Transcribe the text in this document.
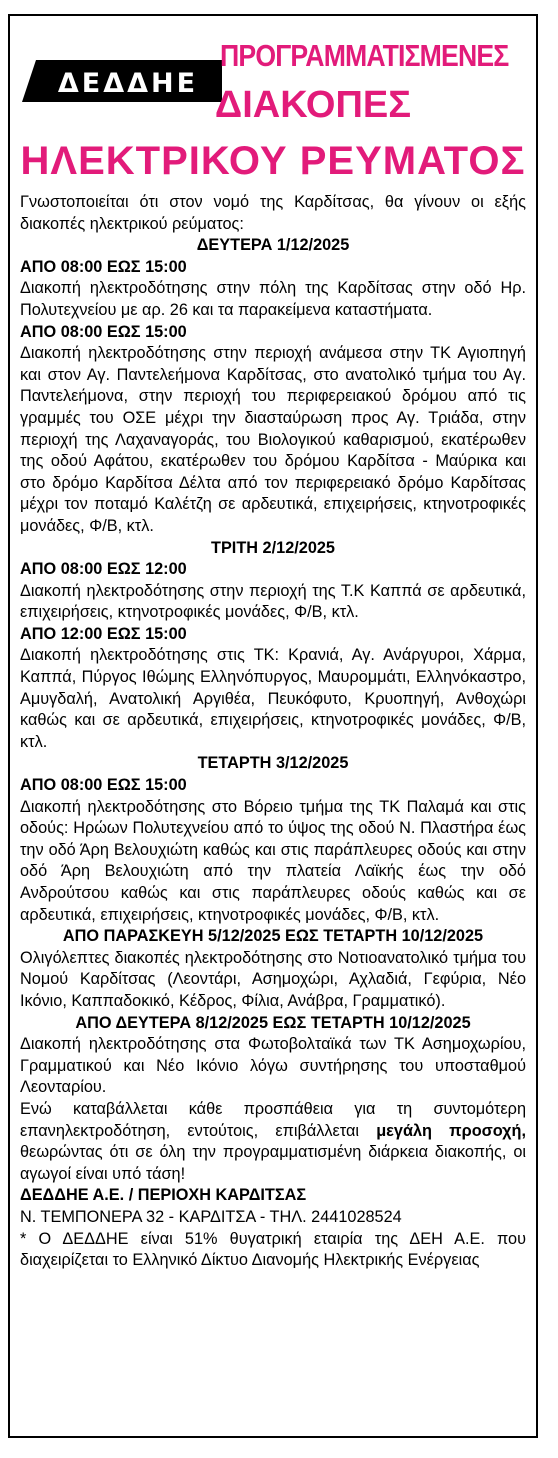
ΔΕΔΔΗΕ
ΠΡΟΓΡΑΜΜΑΤΙΣΜΕΝΕΣ
ΔΙΑΚΟΠΕΣ
ΗΛΕΚΤΡΙΚΟΥ ΡΕΥΜΑΤΟΣ

Γνωστοποιείται ότι στον νομό της Καρδίτσας, θα γίνουν οι εξής διακοπές ηλεκτρικού ρεύματος:

ΔΕΥΤΕΡΑ 1/12/2025

ΑΠΟ 08:00 ΕΩΣ 15:00

Διακοπή ηλεκτροδότησης στην πόλη της Καρδίτσας στην οδό Ηρ. Πολυτεχνείου με αρ. 26 και τα παρακείμενα καταστήματα.

ΑΠΟ 08:00 ΕΩΣ 15:00

Διακοπή ηλεκτροδότησης στην περιοχή ανάμεσα στην ΤΚ Αγιοπηγή και στον Αγ. Παντελεήμονα Καρδίτσας, στο ανατολικό τμήμα του Αγ. Παντελεήμονα, στην περιοχή του περιφερειακού δρόμου από τις γραμμές του ΟΣΕ μέχρι την διασταύρωση προς Αγ. Τριάδα, στην περιοχή της Λαχαναγοράς, του Βιολογικού καθαρισμού, εκατέρωθεν της οδού Αφάτου, εκατέρωθεν του δρόμου Καρδίτσα - Μαύρικα και στο δρόμο Καρδίτσα Δέλτα από τον περιφερειακό δρόμο Καρδίτσας μέχρι τον ποταμό Καλέτζη σε αρδευτικά, επιχειρήσεις, κτηνοτροφικές μονάδες, Φ/Β, κτλ.

ΤΡΙΤΗ 2/12/2025

ΑΠΟ 08:00 ΕΩΣ 12:00

Διακοπή ηλεκτροδότησης στην περιοχή της Τ.Κ Καππά σε αρδευτικά, επιχειρήσεις, κτηνοτροφικές μονάδες, Φ/Β, κτλ.

ΑΠΟ 12:00 ΕΩΣ 15:00

Διακοπή ηλεκτροδότησης στις ΤΚ: Κρανιά, Αγ. Ανάργυροι, Χάρμα, Καππά, Πύργος Ιθώμης Ελληνόπυργος, Μαυρομμάτι, Ελληνόκαστρο, Αμυγδαλή, Ανατολική Αργιθέα, Πευκόφυτο, Κρυοπηγή, Ανθοχώρι καθώς και σε αρδευτικά, επιχειρήσεις, κτηνοτροφικές μονάδες, Φ/Β, κτλ.

ΤΕΤΑΡΤΗ 3/12/2025

ΑΠΟ 08:00 ΕΩΣ 15:00

Διακοπή ηλεκτροδότησης στο Βόρειο τμήμα της ΤΚ Παλαμά και στις οδούς: Ηρώων Πολυτεχνείου από το ύψος της οδού Ν. Πλαστήρα έως την οδό Άρη Βελουχιώτη καθώς και στις παράπλευρες οδούς και στην οδό Άρη Βελουχιώτη από την πλατεία Λαϊκής έως την οδό Ανδρούτσου καθώς και στις παράπλευρες οδούς καθώς και σε αρδευτικά, επιχειρήσεις, κτηνοτροφικές μονάδες, Φ/Β, κτλ.

ΑΠΟ ΠΑΡΑΣΚΕΥΗ 5/12/2025 ΕΩΣ ΤΕΤΑΡΤΗ 10/12/2025

Ολιγόλεπτες διακοπές ηλεκτροδότησης στο Νοτιοανατολικό τμήμα του Νομού Καρδίτσας (Λεοντάρι, Ασημοχώρι, Αχλαδιά, Γεφύρια, Νέο Ικόνιο, Καππαδοκικό, Κέδρος, Φίλια, Ανάβρα, Γραμματικό).

ΑΠΟ ΔΕΥΤΕΡΑ 8/12/2025 ΕΩΣ ΤΕΤΑΡΤΗ 10/12/2025

Διακοπή ηλεκτροδότησης στα Φωτοβολταϊκά των ΤΚ Ασημοχωρίου, Γραμματικού και Νέο Ικόνιο λόγω συντήρησης του υποσταθμού Λεονταρίου.

Ενώ καταβάλλεται κάθε προσπάθεια για τη συντομότερη επανηλεκτροδότηση, εντούτοις, επιβάλλεται μεγάλη προσοχή, θεωρώντας ότι σε όλη την προγραμματισμένη διάρκεια διακοπής, οι αγωγοί είναι υπό τάση!

ΔΕΔΔΗΕ Α.Ε. / ΠΕΡΙΟΧΗ ΚΑΡΔΙΤΣΑΣ

Ν. ΤΕΜΠΟΝΕΡΑ 32 - ΚΑΡΔΙΤΣΑ - ΤΗΛ. 2441028524

* Ο ΔΕΔΔΗΕ είναι 51% θυγατρική εταιρία της ΔΕΗ Α.Ε. που διαχειρίζεται το Ελληνικό Δίκτυο Διανομής Ηλεκτρικής Ενέργειας
